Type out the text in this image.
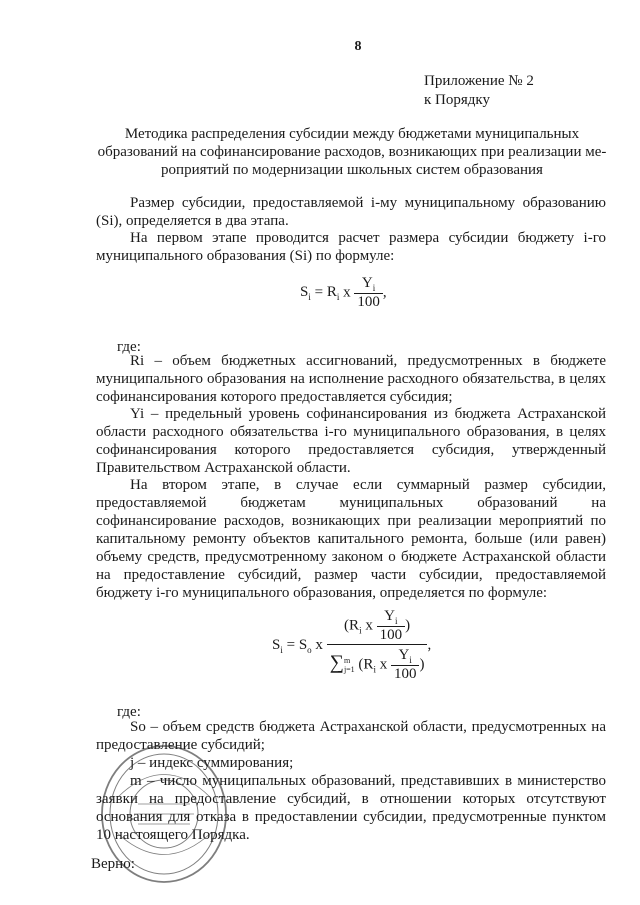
8
Приложение № 2
к Порядку
Методика распределения субсидии между бюджетами муниципальных
образований на софинансирование расходов, возникающих при реализации ме-
роприятий по модернизации школьных систем образования
Размер субсидии, предоставляемой i-му муниципальному образованию (Si), определяется в два этапа.
На первом этапе проводится расчет размера субсидии бюджету i-го муниципального образования (Si) по формуле:
$S_i = R_i$ x $\frac{Y_i}{100}$ ,
где:
Ri – объем бюджетных ассигнований, предусмотренных в бюджете муниципального образования на исполнение расходного обязательства, в целях софинансирования которого предоставляется субсидия;
Yi – предельный уровень софинансирования из бюджета Астраханской области расходного обязательства i-го муниципального образования, в целях софинансирования которого предоставляется субсидия, утвержденный Правительством Астраханской области.
На втором этапе, в случае если суммарный размер субсидии, предоставляемой бюджетам муниципальных образований на софинансирование расходов, возникающих при реализации мероприятий по капитальному ремонту объектов капитального ремонта, больше (или равен) объему средств, предусмотренному законом о бюджете Астраханской области на предоставление субсидий, размер части субсидии, предоставляемой бюджету i-го муниципального образования, определяется по формуле:
$S_i = S_o$ x
($R_i$ x $\frac{Y_i}{100}$ )
∑ m
j=1 ($R_i$ x $\frac{Y_i}{100}$ )
,
где:
So – объем средств бюджета Астраханской области, предусмотренных на предоставление субсидий;
j – индекс суммирования;
m – число муниципальных образований, представивших в министерство заявки на предоставление субсидий, в отношении которых отсутствуют основания для отказа в предоставлении субсидии, предусмотренные пунктом 10 настоящего Порядка.
Верно:
